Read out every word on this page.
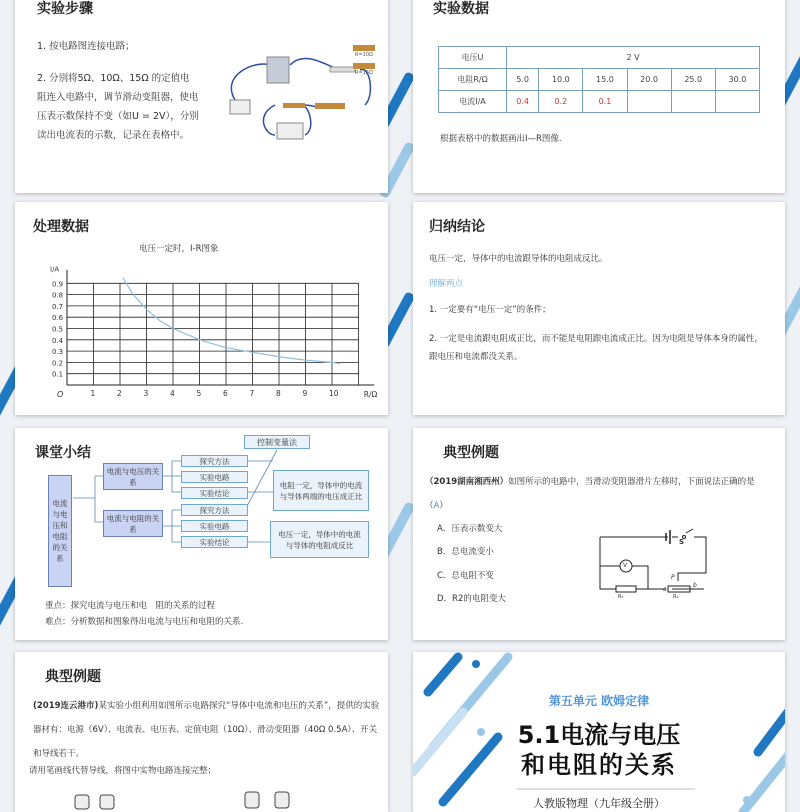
实验步骤
1. 按电路图连接电路；
2. 分别将5Ω、10Ω、15Ω 的定值电阻连入电路中，调节滑动变阻器，使电压表示数保持不变（如U = 2V），分别读出电流表的示数，记录在表格中。
R=10Ω
R=15Ω
实验数据
电压U	2 V					
电阻R/Ω	5.0	10.0	15.0	20.0	25.0	30.0
电流I/A	0.4	0.2	0.1			
根据表格中的数据画出I—R图像.
处理数据
电压一定时，I-R图象
1	2	3	4	5	6	7	8	9	10
0.1
0.2
0.3
0.4
0.5
0.6
0.7
0.8
0.9
O	R/Ω
I/A
归纳结论
电压一定，导体中的电流跟导体的电阻成反比。
理解两点
1. 一定要有“电压一定”的条件；
2. 一定是电流跟电阻成正比，而不能是电阻跟电流成正比。因为电阻是导体本身的属性，跟电压和电流都没关系。
课堂小结
电流与电压和电阻的关系
电流与电压的关系
电流与电阻的关系
探究方法
实验电路
实验结论
探究方法
实验电路
实验结论
控制变量法
电阻一定，导体中的电流与导体两端的电压成正比
电压一定，导体中的电流与导体的电阻成反比
重点：探究电流与电压和电　阻的关系的过程
难点：分析数据和图象得出电流与电压和电阻的关系.
典型例题
（2019湖南湘西州）如图所示的电路中，当滑动变阻器滑片左移时，下面说法正确的是（A）
A．压表示数变大
B．总电流变小
C．总电阻不变
D．R2的电阻变大
S
V
R₁	R₂
P
a
b
典型例题
(2019连云港市)某实验小组利用如图所示电路探究“导体中电流和电压的关系”，提供的实验器材有：电源（6V）、电流表、电压表、定值电阻（10Ω）、滑动变阻器（40Ω 0.5A）、开关和导线若干。
请用笔画线代替导线，将图中实物电路连接完整；
第五单元 欧姆定律
5.1电流与电压
和电阻的关系
人教版物理（九年级全册）
